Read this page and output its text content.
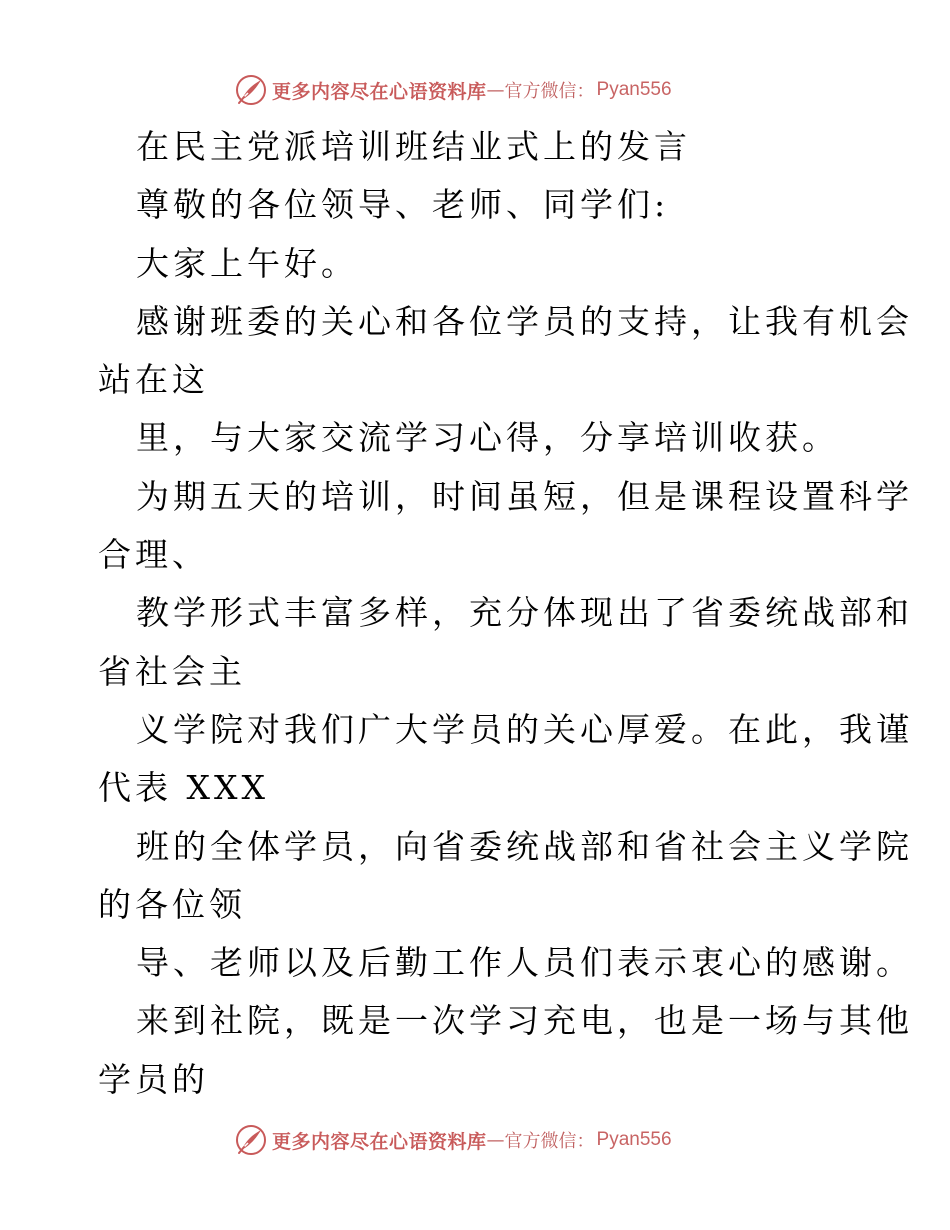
更多内容尽在心语资料库 — 官方微信： Pyan556
在民主党派培训班结业式上的发言
尊敬的各位领导、老师、同学们:
大家上午好。
感谢班委的关心和各位学员的支持，让我有机会
站在这
里，与大家交流学习心得，分享培训收获。
为期五天的培训，时间虽短，但是课程设置科学
合理、
教学形式丰富多样，充分体现出了省委统战部和
省社会主
义学院对我们广大学员的关心厚爱。在此，我谨
代表 XXX
班的全体学员，向省委统战部和省社会主义学院
的各位领
导、老师以及后勤工作人员们表示衷心的感谢。
来到社院，既是一次学习充电，也是一场与其他
学员的
更多内容尽在心语资料库 — 官方微信： Pyan556
